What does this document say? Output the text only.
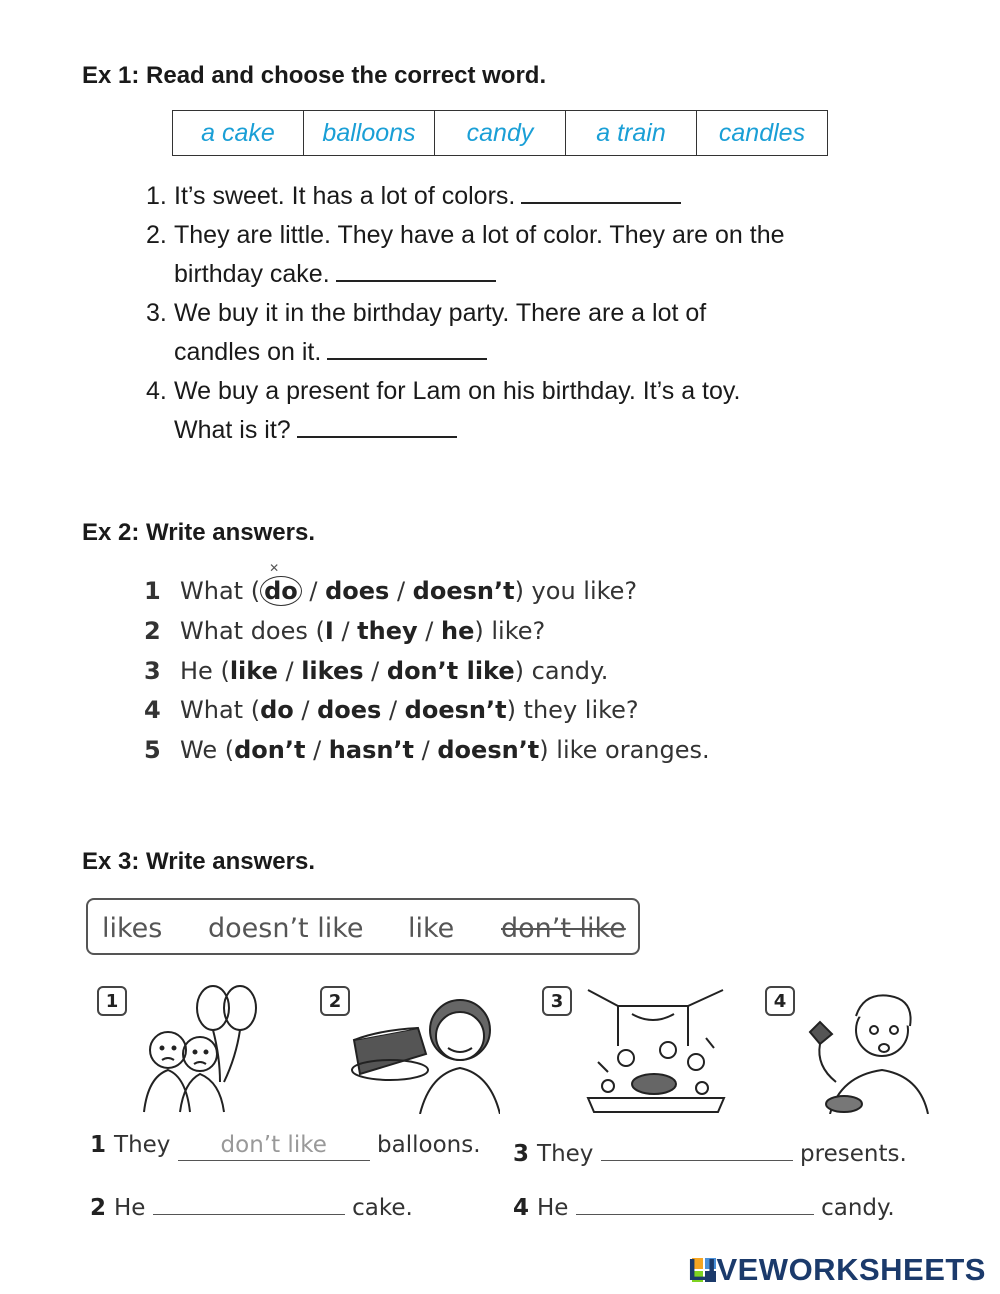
Ex 1: Read and choose the correct word.
a cake	balloons	candy	a train	candles
1. It’s sweet. It has a lot of colors.
2. They are little. They have a lot of color. They are on the
birthday cake.
3. We buy it in the birthday party. There are a lot of
candles on it.
4. We buy a present for Lam on his birthday. It’s a toy.
What is it?
Ex 2: Write answers.
1 What (✕ do / does / doesn’t) you like?
2 What does (I / they / he) like?
3 He (like / likes / don’t like) candy.
4 What (do / does / doesn’t) they like?
5 We (don’t / hasn’t / doesn’t) like oranges.
Ex 3: Write answers.
likes doesn’t like like don’t like
1	2	3	4
1 They don’t like balloons.
2 He	cake.
3 They	presents.
4 He	candy.
LIVEWORKSHEETS
